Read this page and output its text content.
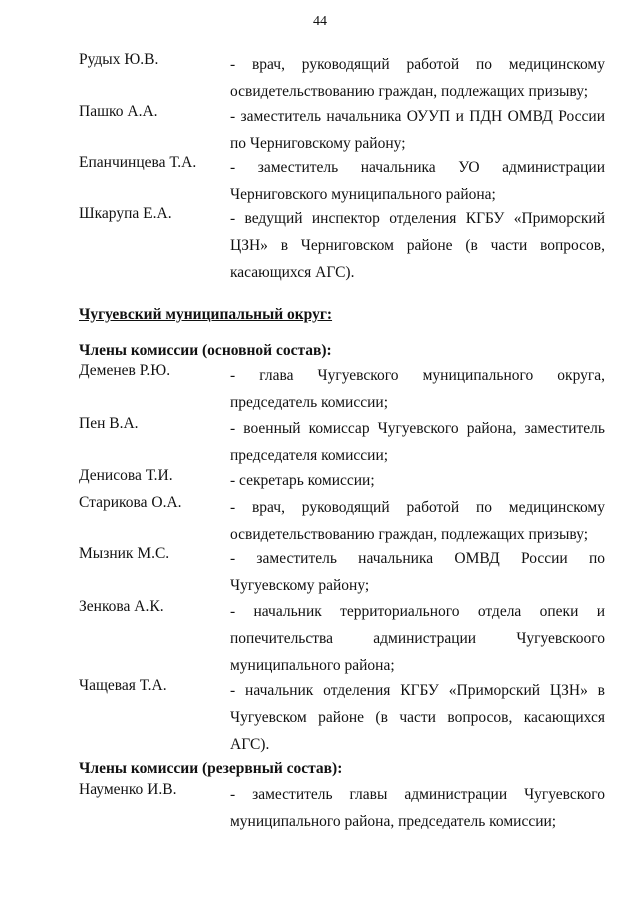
44
Рудых Ю.В.	- врач, руководящий работой по медицинскому
освидетельствованию граждан, подлежащих призыву;
Пашко А.А.	- заместитель начальника ОУУП и ПДН ОМВД России
по Черниговскому району;
Епанчинцева Т.А. - заместитель начальника УО администрации
Черниговского муниципального района;
Шкарупа Е.А.	- ведущий инспектор отделения КГБУ «Приморский
ЦЗН» в Черниговском районе (в части вопросов,
касающихся АГС).
Чугуевский муниципальный округ:
Члены комиссии (основной состав):
Деменев Р.Ю.	- глава Чугуевского муниципального округа,
председатель комиссии;
Пен В.А.	- военный комиссар Чугуевского района, заместитель
председателя комиссии;
Денисова Т.И.	- секретарь комиссии;
Старикова О.А.	- врач, руководящий работой по медицинскому
освидетельствованию граждан, подлежащих призыву;
Мызник М.С.	- заместитель начальника ОМВД России по
Чугуевскому району;
Зенкова А.К.	- начальник территориального отдела опеки и
попечительства администрации Чугуевскоого
муниципального района;
Чащевая Т.А.	- начальник отделения КГБУ «Приморский ЦЗН» в
Чугуевском районе (в части вопросов, касающихся
АГС).
Члены комиссии (резервный состав):
Науменко И.В.	- заместитель главы администрации Чугуевского
муниципального района, председатель комиссии;
